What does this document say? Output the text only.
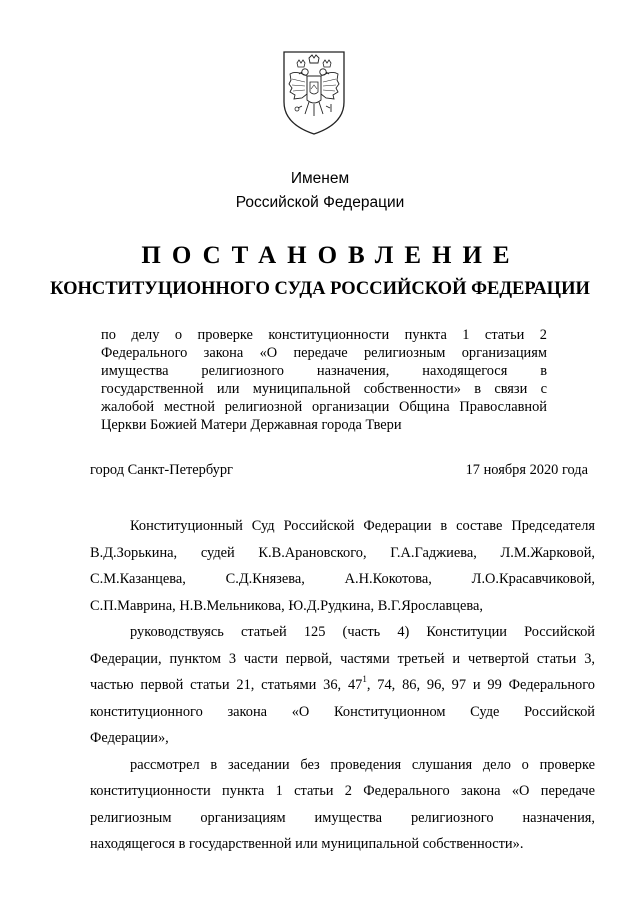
Именем
Российской Федерации
ПОСТАНОВЛЕНИЕ
КОНСТИТУЦИОННОГО СУДА РОССИЙСКОЙ ФЕДЕРАЦИИ
по делу о проверке конституционности пункта 1 статьи 2
Федерального закона «О передаче религиозным организациям
имущества религиозного назначения, находящегося в
государственной или муниципальной собственности» в связи с
жалобой местной религиозной организации Община Православной
Церкви Божией Матери Державная города Твери
город Санкт-Петербург	17 ноября 2020 года
Конституционный Суд Российской Федерации в составе Председателя
В.Д.Зорькина, судей К.В.Арановского, Г.А.Гаджиева, Л.М.Жарковой,
С.М.Казанцева, С.Д.Князева, А.Н.Кокотова, Л.О.Красавчиковой,
С.П.Маврина, Н.В.Мельникова, Ю.Д.Рудкина, В.Г.Ярославцева,
руководствуясь статьей 125 (часть 4) Конституции Российской
Федерации, пунктом 3 части первой, частями третьей и четвертой статьи 3,
частью первой статьи 21, статьями 36, $47^1$, 74, 86, 96, 97 и 99 Федерального
конституционного закона «О Конституционном Суде Российской
Федерации»,
рассмотрел в заседании без проведения слушания дело о проверке
конституционности пункта 1 статьи 2 Федерального закона «О передаче
религиозным организациям имущества религиозного назначения,
находящегося в государственной или муниципальной собственности».
